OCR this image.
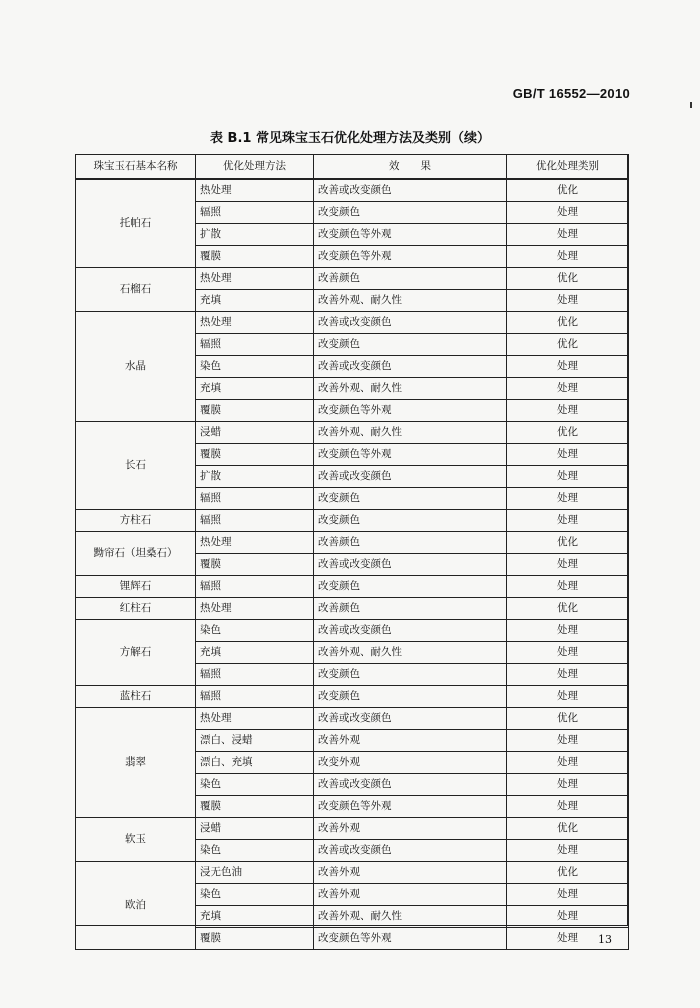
GB/T 16552—2010
表 B.1 常见珠宝玉石优化处理方法及类别（续）
珠宝玉石基本名称	优化处理方法	效　　果	优化处理类别
托帕石	热处理	改善或改变颜色	优化
	辐照	改变颜色	处理
	扩散	改变颜色等外观	处理
	覆膜	改变颜色等外观	处理
石榴石	热处理	改善颜色	优化
	充填	改善外观、耐久性	处理
水晶	热处理	改善或改变颜色	优化
	辐照	改变颜色	优化
	染色	改善或改变颜色	处理
	充填	改善外观、耐久性	处理
	覆膜	改变颜色等外观	处理
长石	浸蜡	改善外观、耐久性	优化
	覆膜	改变颜色等外观	处理
	扩散	改善或改变颜色	处理
	辐照	改变颜色	处理
方柱石	辐照	改变颜色	处理
黝帘石（坦桑石）	热处理	改善颜色	优化
	覆膜	改善或改变颜色	处理
锂辉石	辐照	改变颜色	处理
红柱石	热处理	改善颜色	优化
方解石	染色	改善或改变颜色	处理
	充填	改善外观、耐久性	处理
	辐照	改变颜色	处理
蓝柱石	辐照	改变颜色	处理
翡翠	热处理	改善或改变颜色	优化
	漂白、浸蜡	改善外观	处理
	漂白、充填	改变外观	处理
	染色	改善或改变颜色	处理
	覆膜	改变颜色等外观	处理
软玉	浸蜡	改善外观	优化
	染色	改善或改变颜色	处理
欧泊	浸无色油	改善外观	优化
	染色	改善外观	处理
	充填	改善外观、耐久性	处理
	覆膜	改变颜色等外观	处理 13
